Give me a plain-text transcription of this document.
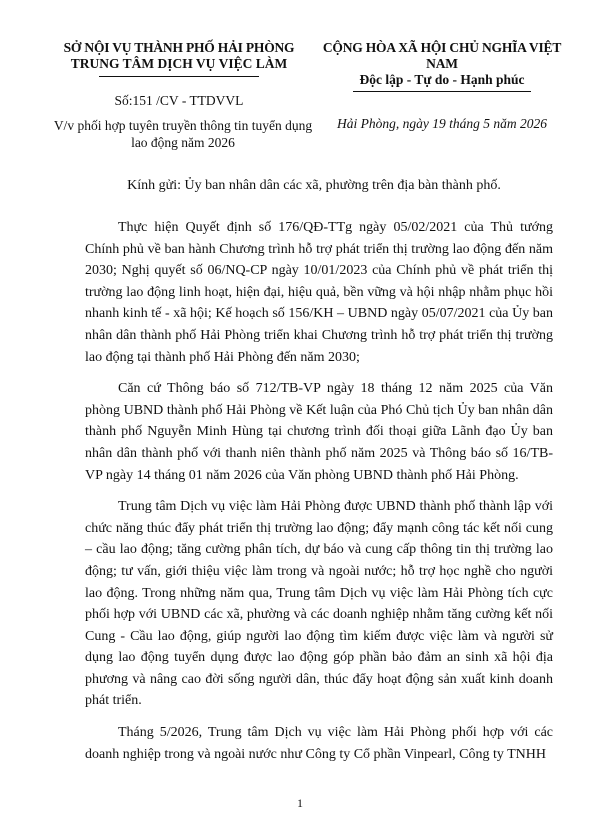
SỞ NỘI VỤ THÀNH PHỐ HẢI PHÒNG
TRUNG TÂM DỊCH VỤ VIỆC LÀM
CỘNG HÒA XÃ HỘI CHỦ NGHĨA VIỆT NAM
Độc lập - Tự do - Hạnh phúc
Số:151 /CV - TTDVVL
V/v phối hợp tuyên truyền thông tin tuyển dụng
lao động năm 2026
Hải Phòng, ngày 19 tháng 5 năm 2026
Kính gửi: Ủy ban nhân dân các xã, phường trên địa bàn thành phố.

Thực hiện Quyết định số 176/QĐ-TTg ngày 05/02/2021 của Thủ tướng Chính phủ về ban hành Chương trình hỗ trợ phát triển thị trường lao động đến năm 2030; Nghị quyết số 06/NQ-CP ngày 10/01/2023 của Chính phủ về phát triển thị trường lao động linh hoạt, hiện đại, hiệu quả, bền vững và hội nhập nhằm phục hồi nhanh kinh tế - xã hội; Kế hoạch số 156/KH – UBND ngày 05/07/2021 của Ủy ban nhân dân thành phố Hải Phòng triển khai Chương trình hỗ trợ phát triển thị trường lao động tại thành phố Hải Phòng đến năm 2030;

Căn cứ Thông báo số 712/TB-VP ngày 18 tháng 12 năm 2025 của Văn phòng UBND thành phố Hải Phòng về Kết luận của Phó Chủ tịch Ủy ban nhân dân thành phố Nguyễn Minh Hùng tại chương trình đối thoại giữa Lãnh đạo Ủy ban nhân dân thành phố với thanh niên thành phố năm 2025 và Thông báo số 16/TB-VP ngày 14 tháng 01 năm 2026 của Văn phòng UBND thành phố Hải Phòng.

Trung tâm Dịch vụ việc làm Hải Phòng được UBND thành phố thành lập với chức năng thúc đẩy phát triển thị trường lao động; đẩy mạnh công tác kết nối cung – cầu lao động; tăng cường phân tích, dự báo và cung cấp thông tin thị trường lao động; tư vấn, giới thiệu việc làm trong và ngoài nước; hỗ trợ học nghề cho người lao động. Trong những năm qua, Trung tâm Dịch vụ việc làm Hải Phòng tích cực phối hợp với UBND các xã, phường và các doanh nghiệp nhằm tăng cường kết nối Cung - Cầu lao động, giúp người lao động tìm kiếm được việc làm và người sử dụng lao động tuyển dụng được lao động góp phần bảo đảm an sinh xã hội địa phương và nâng cao đời sống người dân, thúc đẩy hoạt động sản xuất kinh doanh phát triển.

Tháng 5/2026, Trung tâm Dịch vụ việc làm Hải Phòng phối hợp với các doanh nghiệp trong và ngoài nước như Công ty Cổ phần Vinpearl, Công ty TNHH

1
